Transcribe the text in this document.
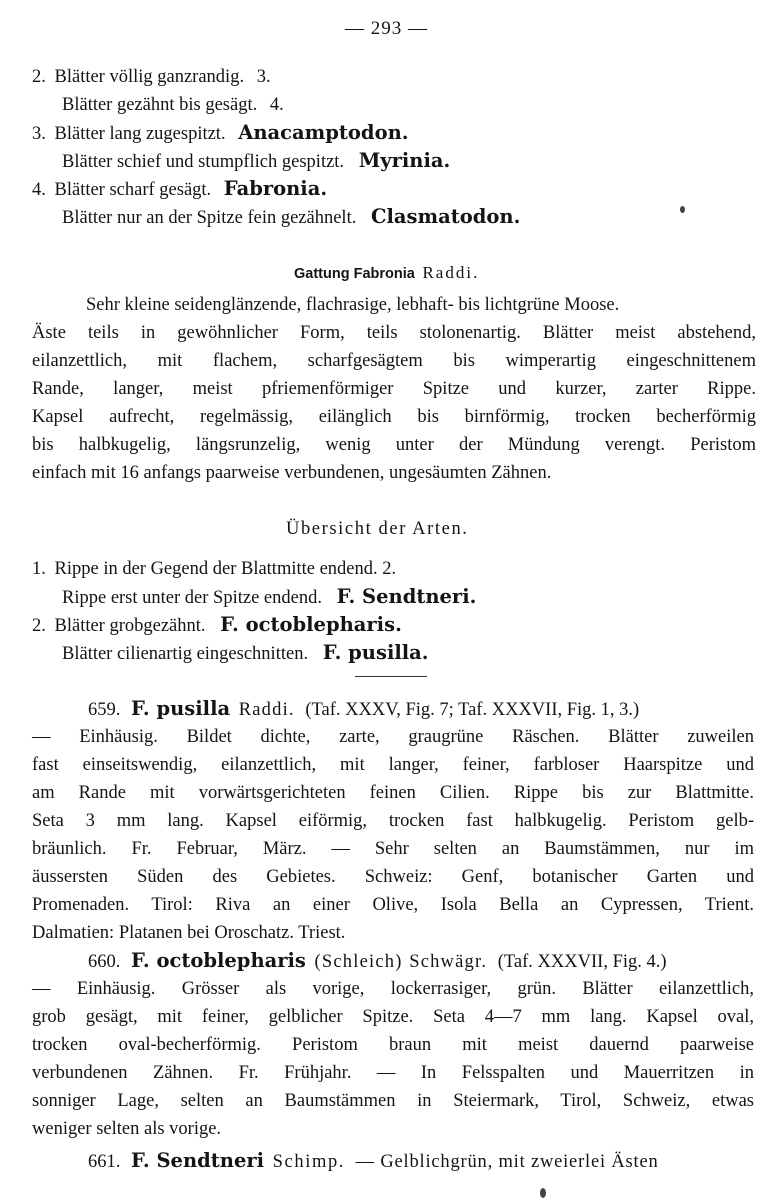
— 293 —
2. Blätter völlig ganzrandig. 3.
Blätter gezähnt bis gesägt. 4.
3. Blätter lang zugespitzt. Anacamptodon.
Blätter schief und stumpflich gespitzt. Myrinia.
4. Blätter scharf gesägt. Fabronia.
Blätter nur an der Spitze fein gezähnelt. Clasmatodon.
Gattung Fabronia Raddi.
Sehr kleine seidenglänzende, flachrasige, lebhaft- bis lichtgrüne Moose.
Äste teils in gewöhnlicher Form, teils stolonenartig. Blätter meist abstehend,
eilanzettlich, mit flachem, scharfgesägtem bis wimperartig eingeschnittenem
Rande, langer, meist pfriemenförmiger Spitze und kurzer, zarter Rippe.
Kapsel aufrecht, regelmässig, eilänglich bis birnförmig, trocken becherförmig
bis halbkugelig, längsrunzelig, wenig unter der Mündung verengt. Peristom
einfach mit 16 anfangs paarweise verbundenen, ungesäumten Zähnen.
Übersicht der Arten.
1. Rippe in der Gegend der Blattmitte endend. 2.
Rippe erst unter der Spitze endend. F. Sendtneri.
2. Blätter grobgezähnt. F. octoblepharis.
Blätter cilienartig eingeschnitten. F. pusilla.
659. F. pusilla Raddi. (Taf. XXXV, Fig. 7; Taf. XXXVII, Fig. 1, 3.)
— Einhäusig. Bildet dichte, zarte, graugrüne Räschen. Blätter zuweilen
fast einseitswendig, eilanzettlich, mit langer, feiner, farbloser Haarspitze und
am Rande mit vorwärtsgerichteten feinen Cilien. Rippe bis zur Blattmitte.
Seta 3 mm lang. Kapsel eiförmig, trocken fast halbkugelig. Peristom gelb-
bräunlich. Fr. Februar, März. — Sehr selten an Baumstämmen, nur im
äussersten Süden des Gebietes. Schweiz: Genf, botanischer Garten und
Promenaden. Tirol: Riva an einer Olive, Isola Bella an Cypressen, Trient.
Dalmatien: Platanen bei Oroschatz. Triest.
660. F. octoblepharis (Schleich) Schwägr. (Taf. XXXVII, Fig. 4.)
— Einhäusig. Grösser als vorige, lockerrasiger, grün. Blätter eilanzettlich,
grob gesägt, mit feiner, gelblicher Spitze. Seta 4—7 mm lang. Kapsel oval,
trocken oval-becherförmig. Peristom braun mit meist dauernd paarweise
verbundenen Zähnen. Fr. Frühjahr. — In Felsspalten und Mauerritzen in
sonniger Lage, selten an Baumstämmen in Steiermark, Tirol, Schweiz, etwas
weniger selten als vorige.
661. F. Sendtneri Schimp. — Gelblichgrün, mit zweierlei Ästen
